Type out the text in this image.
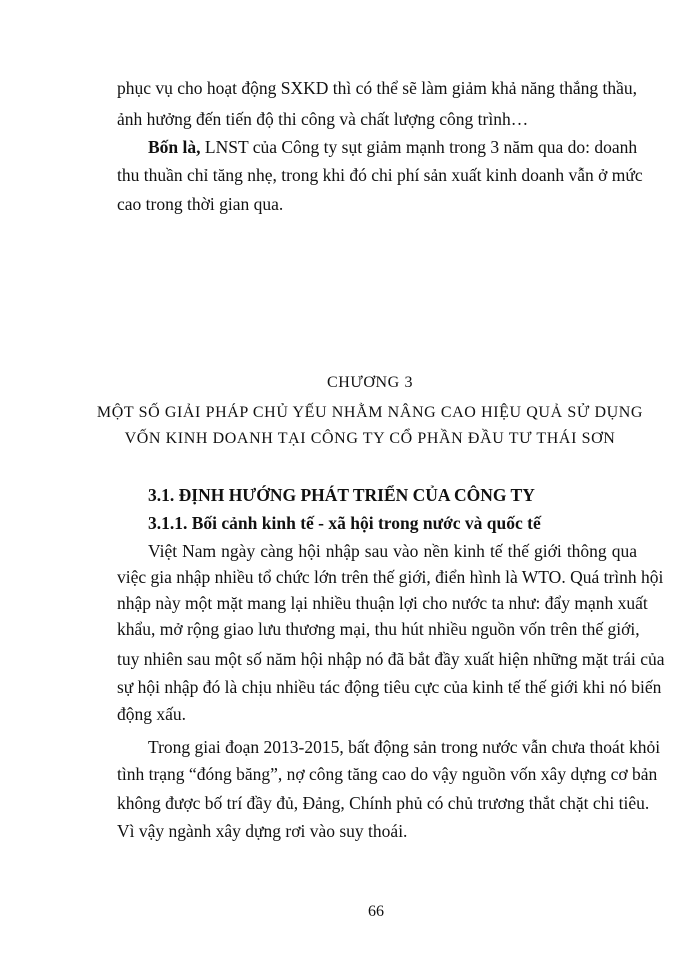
phục vụ cho hoạt động SXKD thì có thể sẽ làm giảm khả năng thắng thầu,
ảnh hưởng đến tiến độ thi công và chất lượng công trình…
Bốn là, LNST của Công ty sụt giảm mạnh trong 3 năm qua do: doanh
thu thuần chỉ tăng nhẹ, trong khi đó chi phí sản xuất kinh doanh vẫn ở mức
cao trong thời gian qua.
CHƯƠNG 3
MỘT SỐ GIẢI PHÁP CHỦ YẾU NHẰM NÂNG CAO HIỆU QUẢ SỬ DỤNG
VỐN KINH DOANH TẠI CÔNG TY CỔ PHẦN ĐẦU TƯ THÁI SƠN
3.1. ĐỊNH HƯỚNG PHÁT TRIỂN CỦA CÔNG TY
3.1.1. Bối cảnh kinh tế - xã hội trong nước và quốc tế
Việt Nam ngày càng hội nhập sau vào nền kinh tế thế giới thông qua
việc gia nhập nhiều tổ chức lớn trên thế giới, điển hình là WTO. Quá trình hội
nhập này một mặt mang lại nhiều thuận lợi cho nước ta như: đẩy mạnh xuất
khẩu, mở rộng giao lưu thương mại, thu hút nhiều nguồn vốn trên thế giới,
tuy nhiên sau một số năm hội nhập nó đã bắt đầy xuất hiện những mặt trái của
sự hội nhập đó là chịu nhiều tác động tiêu cực của kinh tế thế giới khi nó biến
động xấu.
Trong giai đoạn 2013-2015, bất động sản trong nước vẫn chưa thoát khỏi
tình trạng “đóng băng”, nợ công tăng cao do vậy nguồn vốn xây dựng cơ bản
không được bố trí đầy đủ, Đảng, Chính phủ có chủ trương thắt chặt chi tiêu.
Vì vậy ngành xây dựng rơi vào suy thoái.
66
